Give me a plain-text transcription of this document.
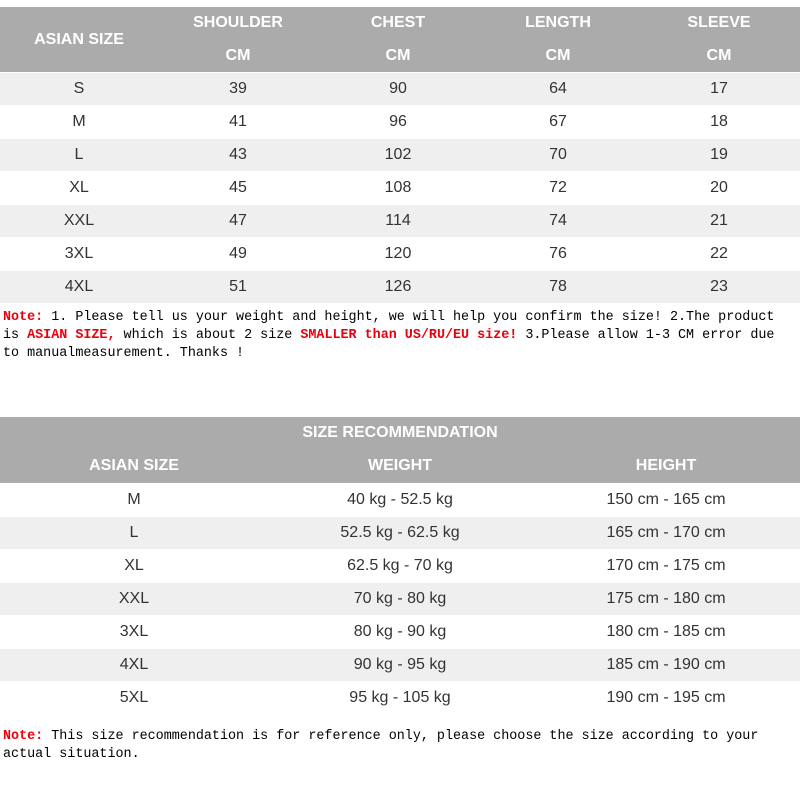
ASIAN SIZE	SHOULDER	CHEST	LENGTH	SLEEVE
	CM	CM	CM	CM
S	39	90	64	17
M	41	96	67	18
L	43	102	70	19
XL	45	108	72	20
XXL	47	114	74	21
3XL	49	120	76	22
4XL	51	126	78	23

Note: 1. Please tell us your weight and height, we will help you confirm the size! 2.The product is ASIAN SIZE, which is about 2 size SMALLER than US/RU/EU size! 3.Please allow 1-3 CM error due to manualmeasurement. Thanks !

SIZE RECOMMENDATION		
ASIAN SIZE	WEIGHT	HEIGHT
M	40 kg - 52.5 kg	150 cm - 165 cm
L	52.5 kg - 62.5 kg	165 cm - 170 cm
XL	62.5 kg - 70 kg	170 cm - 175 cm
XXL	70 kg - 80 kg	175 cm - 180 cm
3XL	80 kg - 90 kg	180 cm - 185 cm
4XL	90 kg - 95 kg	185 cm - 190 cm
5XL	95 kg - 105 kg	190 cm - 195 cm

Note: This size recommendation is for reference only, please choose the size according to your actual situation.
